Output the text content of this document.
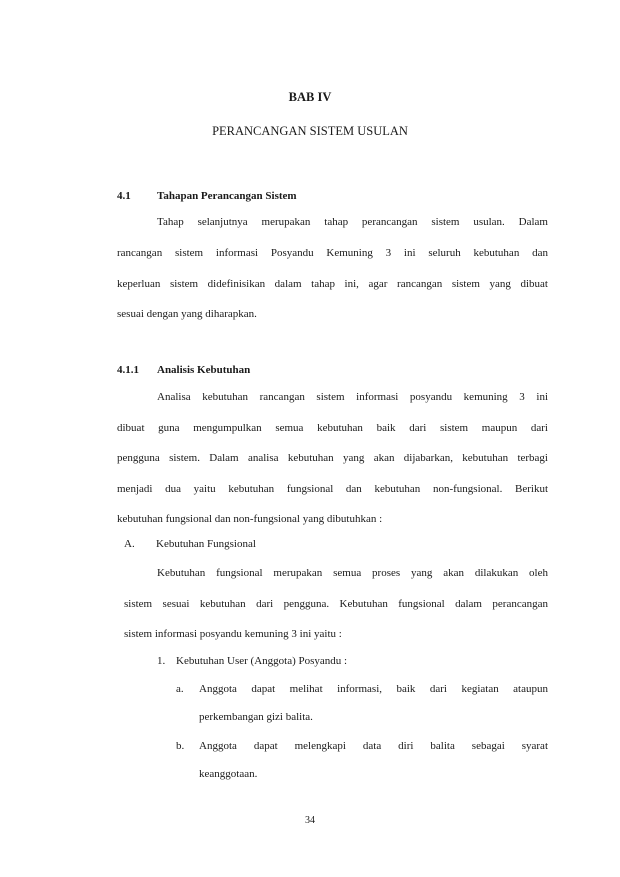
BAB IV
PERANCANGAN SISTEM USULAN
4.1 Tahapan Perancangan Sistem
Tahap selanjutnya merupakan tahap perancangan sistem usulan. Dalam
rancangan sistem informasi Posyandu Kemuning 3 ini seluruh kebutuhan dan
keperluan sistem didefinisikan dalam tahap ini, agar rancangan sistem yang dibuat
sesuai dengan yang diharapkan.
4.1.1 Analisis Kebutuhan
Analisa kebutuhan rancangan sistem informasi posyandu kemuning 3 ini
dibuat guna mengumpulkan semua kebutuhan baik dari sistem maupun dari
pengguna sistem. Dalam analisa kebutuhan yang akan dijabarkan, kebutuhan terbagi
menjadi dua yaitu kebutuhan fungsional dan kebutuhan non-fungsional. Berikut
kebutuhan fungsional dan non-fungsional yang dibutuhkan :
A. Kebutuhan Fungsional
Kebutuhan fungsional merupakan semua proses yang akan dilakukan oleh
sistem sesuai kebutuhan dari pengguna. Kebutuhan fungsional dalam perancangan
sistem informasi posyandu kemuning 3 ini yaitu :
1. Kebutuhan User (Anggota) Posyandu :
a. Anggota dapat melihat informasi, baik dari kegiatan ataupun
perkembangan gizi balita.
b. Anggota dapat melengkapi data diri balita sebagai syarat
keanggotaan.
34
